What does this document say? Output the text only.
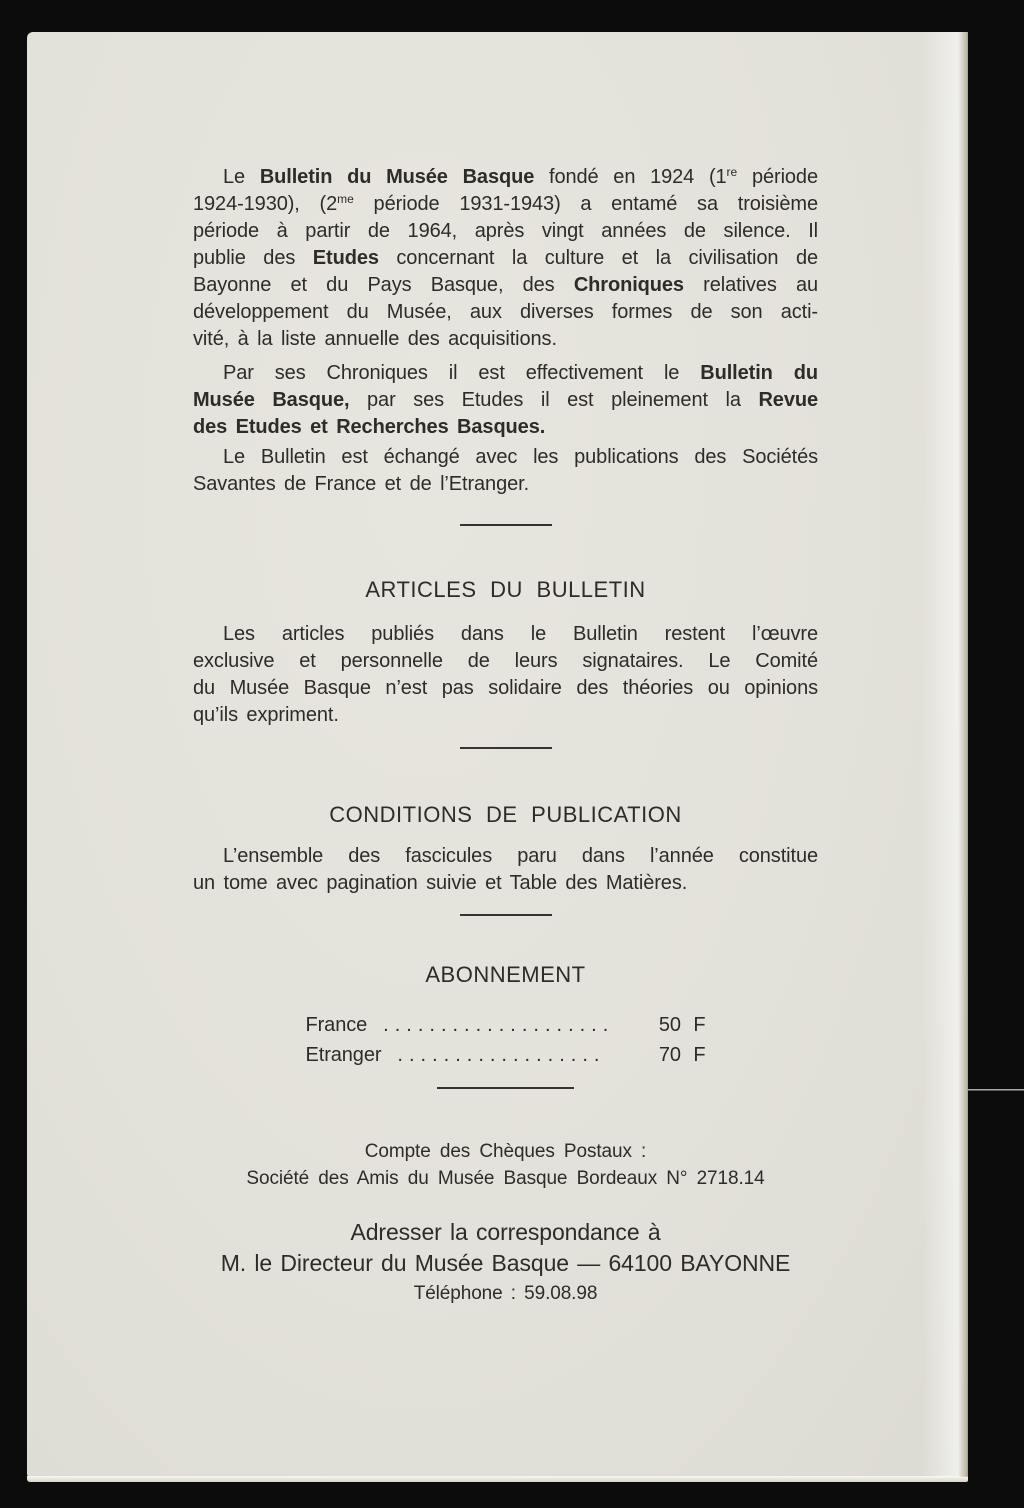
Le Bulletin du Musée Basque fondé en 1924 (1re période
1924-1930), ($2^{me}$ période 1931-1943) a entamé sa troisième
période à partir de 1964, après vingt années de silence. Il
publie des Etudes concernant la culture et la civilisation de
Bayonne et du Pays Basque, des Chroniques relatives au
développement du Musée, aux diverses formes de son acti-
vité, à la liste annuelle des acquisitions.
Par ses Chroniques il est effectivement le Bulletin du
Musée Basque, par ses Etudes il est pleinement la Revue
des Etudes et Recherches Basques.
Le Bulletin est échangé avec les publications des Sociétés
Savantes de France et de l’Etranger.
ARTICLES DU BULLETIN
Les articles publiés dans le Bulletin restent l’œuvre
exclusive et personnelle de leurs signataires. Le Comité
du Musée Basque n’est pas solidaire des théories ou opinions
qu’ils expriment.
CONDITIONS DE PUBLICATION
L’ensemble des fascicules paru dans l’année constitue
un tome avec pagination suivie et Table des Matières.
ABONNEMENT
France .................... 50 F
Etranger ..................	70 F
Compte des Chèques Postaux :
Société des Amis du Musée Basque Bordeaux N° 2718.14
Adresser la correspondance à
M. le Directeur du Musée Basque — 64100 BAYONNE
Téléphone : 59.08.98
